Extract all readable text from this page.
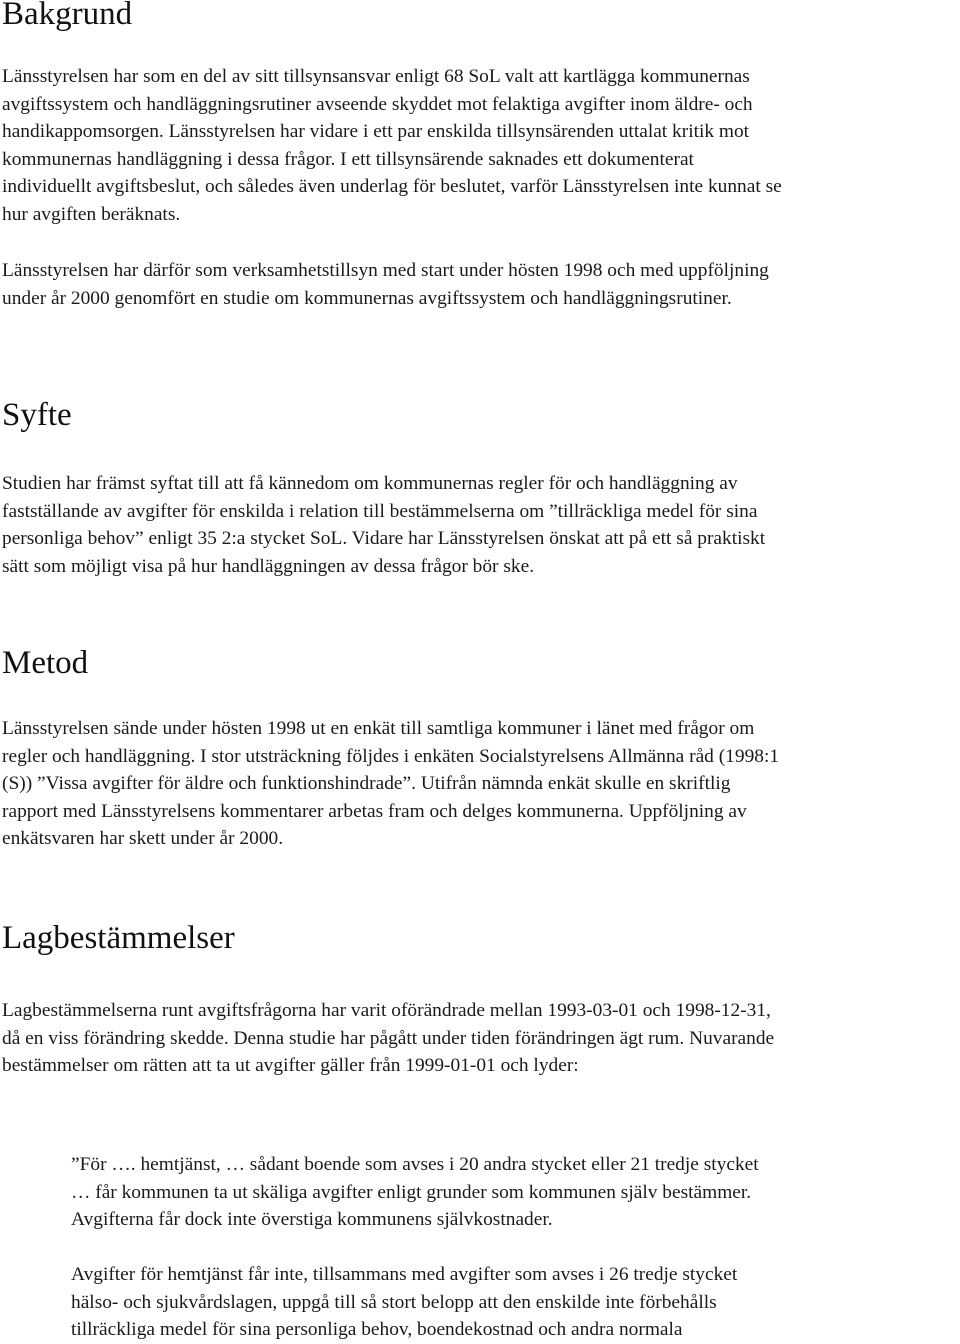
Bakgrund

Länsstyrelsen har som en del av sitt tillsynsansvar enligt 68 SoL valt att kartlägga kommunernas
avgiftssystem och handläggningsrutiner avseende skyddet mot felaktiga avgifter inom äldre- och
handikappomsorgen. Länsstyrelsen har vidare i ett par enskilda tillsynsärenden uttalat kritik mot
kommunernas handläggning i dessa frågor. I ett tillsynsärende saknades ett dokumenterat
individuellt avgiftsbeslut, och således även underlag för beslutet, varför Länsstyrelsen inte kunnat se
hur avgiften beräknats.

Länsstyrelsen har därför som verksamhetstillsyn med start under hösten 1998 och med uppföljning
under år 2000 genomfört en studie om kommunernas avgiftssystem och handläggningsrutiner.

Syfte

Studien har främst syftat till att få kännedom om kommunernas regler för och handläggning av
fastställande av avgifter för enskilda i relation till bestämmelserna om ”tillräckliga medel för sina
personliga behov” enligt 35 2:a stycket SoL. Vidare har Länsstyrelsen önskat att på ett så praktiskt
sätt som möjligt visa på hur handläggningen av dessa frågor bör ske.

Metod

Länsstyrelsen sände under hösten 1998 ut en enkät till samtliga kommuner i länet med frågor om
regler och handläggning. I stor utsträckning följdes i enkäten Socialstyrelsens Allmänna råd (1998:1
(S)) ”Vissa avgifter för äldre och funktionshindrade”. Utifrån nämnda enkät skulle en skriftlig
rapport med Länsstyrelsens kommentarer arbetas fram och delges kommunerna. Uppföljning av
enkätsvaren har skett under år 2000.

Lagbestämmelser

Lagbestämmelserna runt avgiftsfrågorna har varit oförändrade mellan 1993-03-01 och 1998-12-31,
då en viss förändring skedde. Denna studie har pågått under tiden förändringen ägt rum. Nuvarande
bestämmelser om rätten att ta ut avgifter gäller från 1999-01-01 och lyder:

”För …. hemtjänst, … sådant boende som avses i 20 andra stycket eller 21 tredje stycket
… får kommunen ta ut skäliga avgifter enligt grunder som kommunen själv bestämmer.
Avgifterna får dock inte överstiga kommunens självkostnader.

Avgifter för hemtjänst får inte, tillsammans med avgifter som avses i 26 tredje stycket
hälso- och sjukvårdslagen, uppgå till så stort belopp att den enskilde inte förbehålls
tillräckliga medel för sina personliga behov, boendekostnad och andra normala
